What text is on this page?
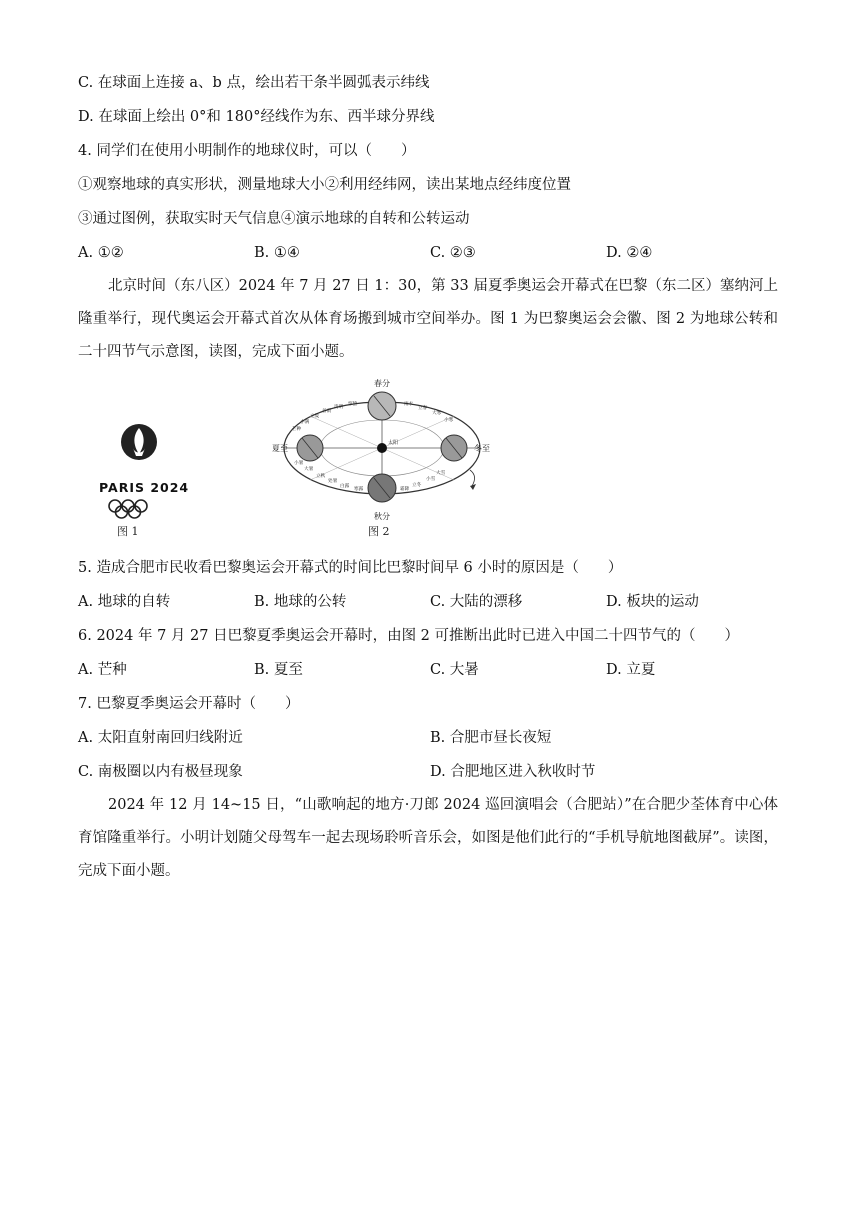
C. 在球面上连接 a、b 点，绘出若干条半圆弧表示纬线
D. 在球面上绘出 0°和 180°经线作为东、西半球分界线
4. 同学们在使用小明制作的地球仪时，可以（　　）
①观察地球的真实形状，测量地球大小②利用经纬网，读出某地点经纬度位置
③通过图例，获取实时天气信息④演示地球的自转和公转运动
A. ①②	B. ①④	C. ②③	D. ②④
北京时间（东八区）2024 年 7 月 27 日 1：30，第 33 届夏季奥运会开幕式在巴黎（东二区）塞纳河上隆重举行，现代奥运会开幕式首次从体育场搬到城市空间举办。图 1 为巴黎奥运会会徽、图 2 为地球公转和二十四节气示意图，读图，完成下面小题。
PARIS 2024
图 1
春分
夏至
秋分
冬至
太阳
芒种
小满
立夏
谷雨
清明
惊蛰	雨水
立春
大寒
小寒
大雪
小雪
立冬
霜降
寒露
白露
处暑
立秋
大暑
小暑
图 2
5. 造成合肥市民收看巴黎奥运会开幕式的时间比巴黎时间早 6 小时的原因是（　　）
A. 地球的自转	B. 地球的公转	C. 大陆的漂移	D. 板块的运动
6. 2024 年 7 月 27 日巴黎夏季奥运会开幕时，由图 2 可推断出此时已进入中国二十四节气的（　　）
A. 芒种	B. 夏至	C. 大暑	D. 立夏
7. 巴黎夏季奥运会开幕时（　　）
A. 太阳直射南回归线附近	B. 合肥市昼长夜短
C. 南极圈以内有极昼现象	D. 合肥地区进入秋收时节
2024 年 12 月 14~15 日，“山歌响起的地方·刀郎 2024 巡回演唱会（合肥站）”在合肥少荃体育中心体育馆隆重举行。小明计划随父母驾车一起去现场聆听音乐会，如图是他们此行的“手机导航地图截屏”。读图，完成下面小题。
